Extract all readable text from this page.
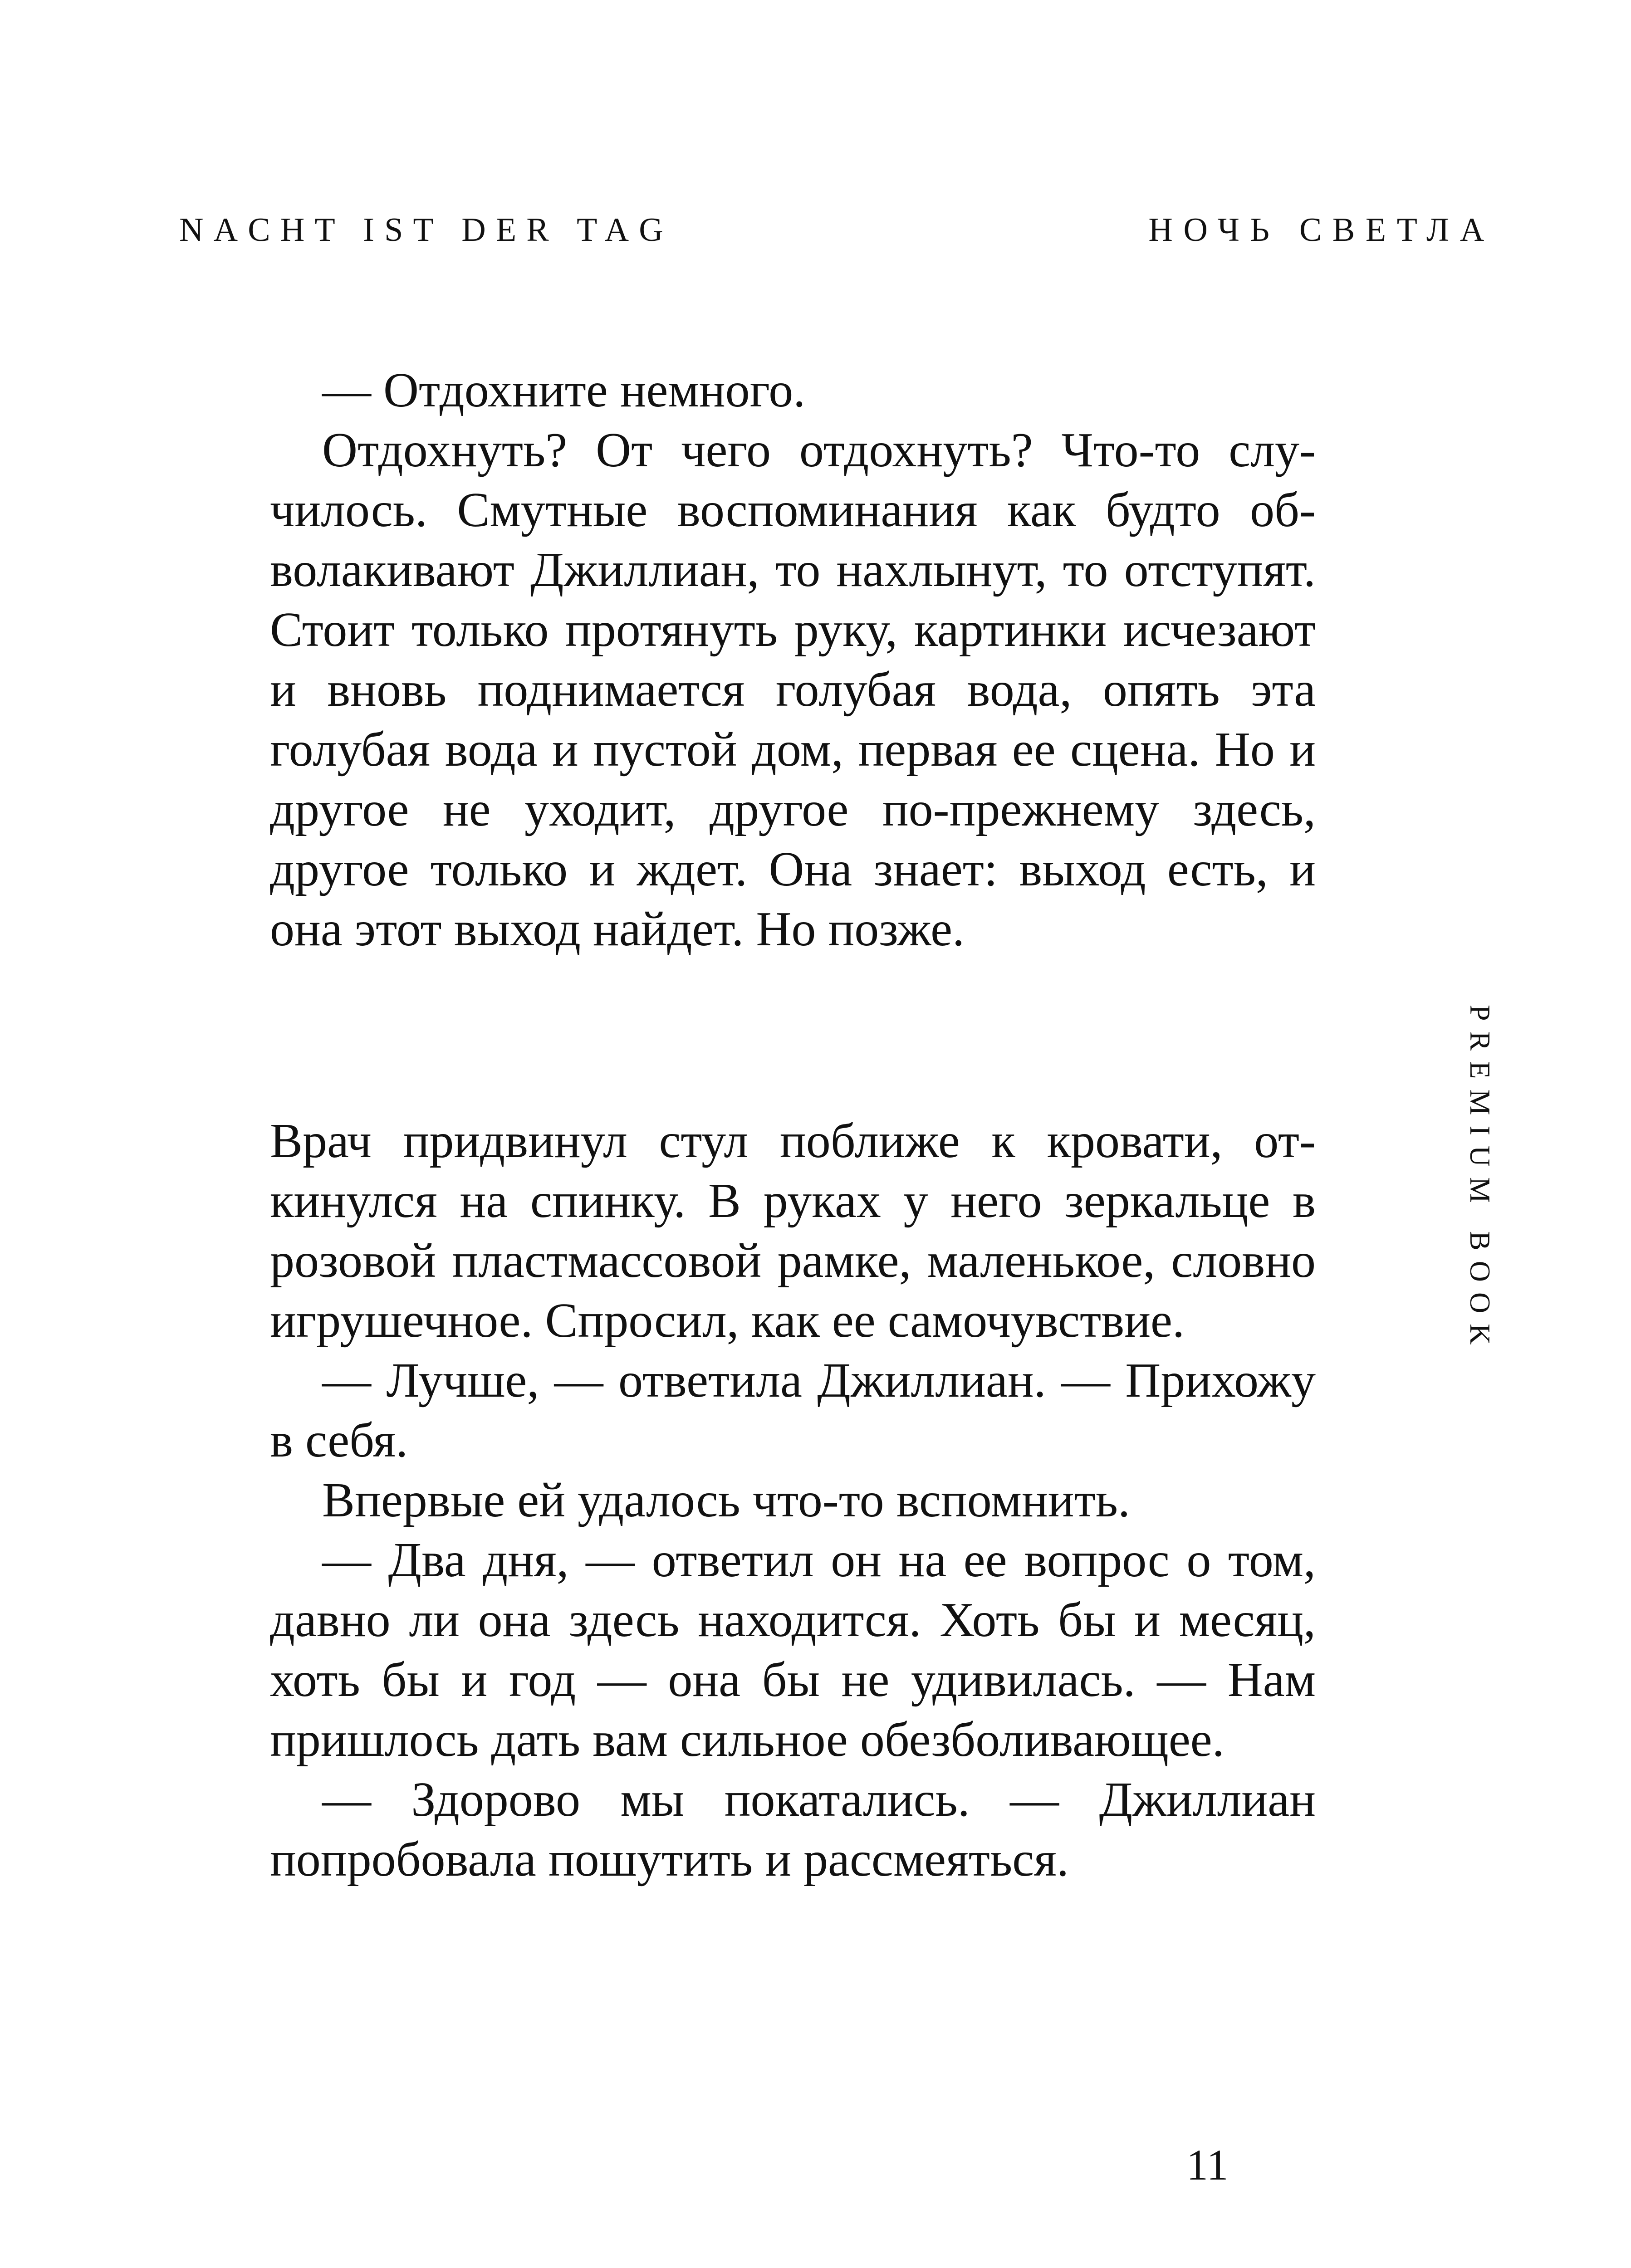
NACHT IST DER TAG	НОЧЬ СВЕТЛА
PREMIUM BOOK

— Отдохните немного.

Отдохнуть? От чего отдохнуть? Что-то случилось. Смутные воспоминания как будто обволакивают Джиллиан, то нахлынут, то отступят. Стоит только протянуть руку, картинки исчезают и вновь поднимается голубая вода, опять эта голубая вода и пустой дом, первая ее сцена. Но и другое не уходит, другое по-прежнему здесь, другое только и ждет. Она знает: выход есть, и она этот выход найдет. Но позже.

Врач придвинул стул поближе к кровати, откинулся на спинку. В руках у него зеркальце в розовой пластмассовой рамке, маленькое, словно игрушечное. Спросил, как ее самочувствие.

— Лучше, — ответила Джиллиан. — Прихожу в себя.

Впервые ей удалось что-то вспомнить.

— Два дня, — ответил он на ее вопрос о том, давно ли она здесь находится. Хоть бы и месяц, хоть бы и год — она бы не удивилась. — Нам пришлось дать вам сильное обезболивающее.

— Здорово мы покатались. — Джиллиан попробовала пошутить и рассмеяться.

11
